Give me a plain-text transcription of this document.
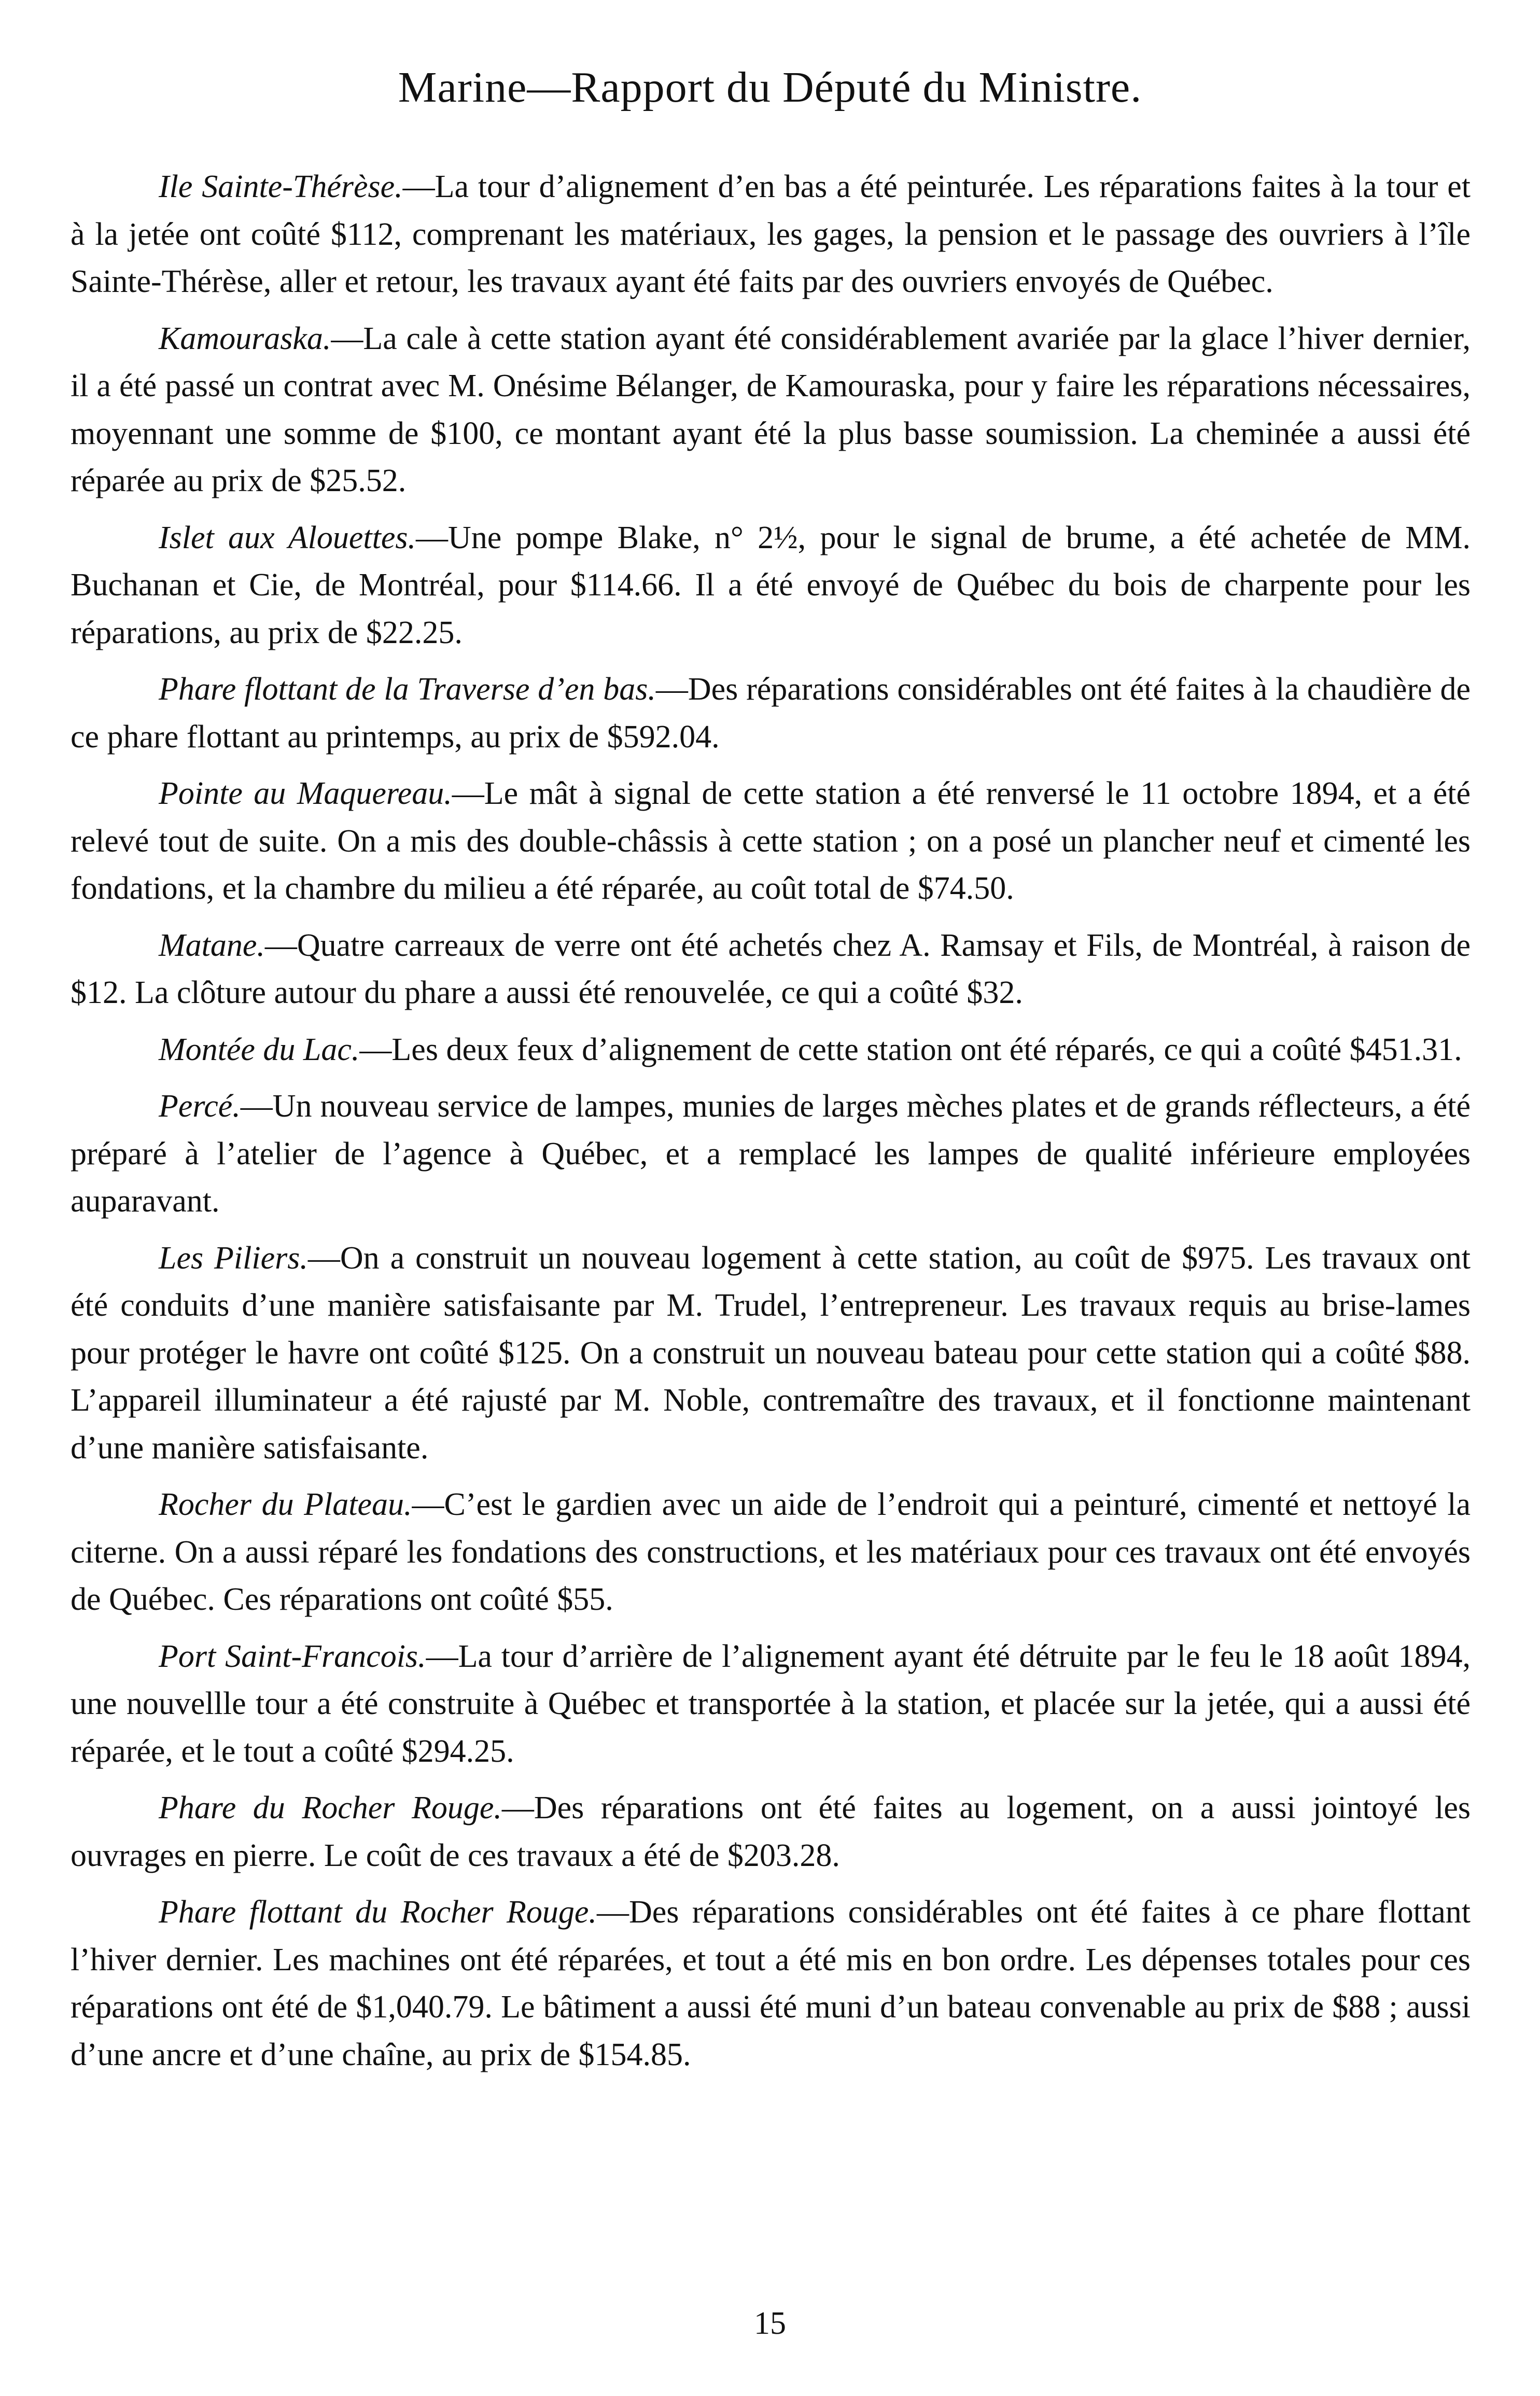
Marine—Rapport du Député du Ministre.

Ile Sainte-Thérèse.—La tour d’alignement d’en bas a été peinturée. Les réparations faites à la tour et à la jetée ont coûté $112, comprenant les matériaux, les gages, la pension et le passage des ouvriers à l’île Sainte-Thérèse, aller et retour, les travaux ayant été faits par des ouvriers envoyés de Québec.

Kamouraska.—La cale à cette station ayant été considérablement avariée par la glace l’hiver dernier, il a été passé un contrat avec M. Onésime Bélanger, de Kamouraska, pour y faire les réparations nécessaires, moyennant une somme de $100, ce montant ayant été la plus basse soumission. La cheminée a aussi été réparée au prix de $25.52.

Islet aux Alouettes.—Une pompe Blake, n° 2½, pour le signal de brume, a été achetée de MM. Buchanan et Cie, de Montréal, pour $114.66. Il a été envoyé de Québec du bois de charpente pour les réparations, au prix de $22.25.

Phare flottant de la Traverse d’en bas.—Des réparations considérables ont été faites à la chaudière de ce phare flottant au printemps, au prix de $592.04.

Pointe au Maquereau.—Le mât à signal de cette station a été renversé le 11 octobre 1894, et a été relevé tout de suite. On a mis des double-châssis à cette station ; on a posé un plancher neuf et cimenté les fondations, et la chambre du milieu a été réparée, au coût total de $74.50.

Matane.—Quatre carreaux de verre ont été achetés chez A. Ramsay et Fils, de Montréal, à raison de $12. La clôture autour du phare a aussi été renouvelée, ce qui a coûté $32.

Montée du Lac.—Les deux feux d’alignement de cette station ont été réparés, ce qui a coûté $451.31.

Percé.—Un nouveau service de lampes, munies de larges mèches plates et de grands réflecteurs, a été préparé à l’atelier de l’agence à Québec, et a remplacé les lampes de qualité inférieure employées auparavant.

Les Piliers.—On a construit un nouveau logement à cette station, au coût de $975. Les travaux ont été conduits d’une manière satisfaisante par M. Trudel, l’entrepreneur. Les travaux requis au brise-lames pour protéger le havre ont coûté $125. On a construit un nouveau bateau pour cette station qui a coûté $88. L’appareil illuminateur a été rajusté par M. Noble, contremaître des travaux, et il fonctionne maintenant d’une manière satisfaisante.

Rocher du Plateau.—C’est le gardien avec un aide de l’endroit qui a peinturé, cimenté et nettoyé la citerne. On a aussi réparé les fondations des constructions, et les matériaux pour ces travaux ont été envoyés de Québec. Ces réparations ont coûté $55.

Port Saint-Francois.—La tour d’arrière de l’alignement ayant été détruite par le feu le 18 août 1894, une nouvellle tour a été construite à Québec et transportée à la station, et placée sur la jetée, qui a aussi été réparée, et le tout a coûté $294.25.

Phare du Rocher Rouge.—Des réparations ont été faites au logement, on a aussi jointoyé les ouvrages en pierre. Le coût de ces travaux a été de $203.28.

Phare flottant du Rocher Rouge.—Des réparations considérables ont été faites à ce phare flottant l’hiver dernier. Les machines ont été réparées, et tout a été mis en bon ordre. Les dépenses totales pour ces réparations ont été de $1,040.79. Le bâtiment a aussi été muni d’un bateau convenable au prix de $88 ; aussi d’une ancre et d’une chaîne, au prix de $154.85.

15
